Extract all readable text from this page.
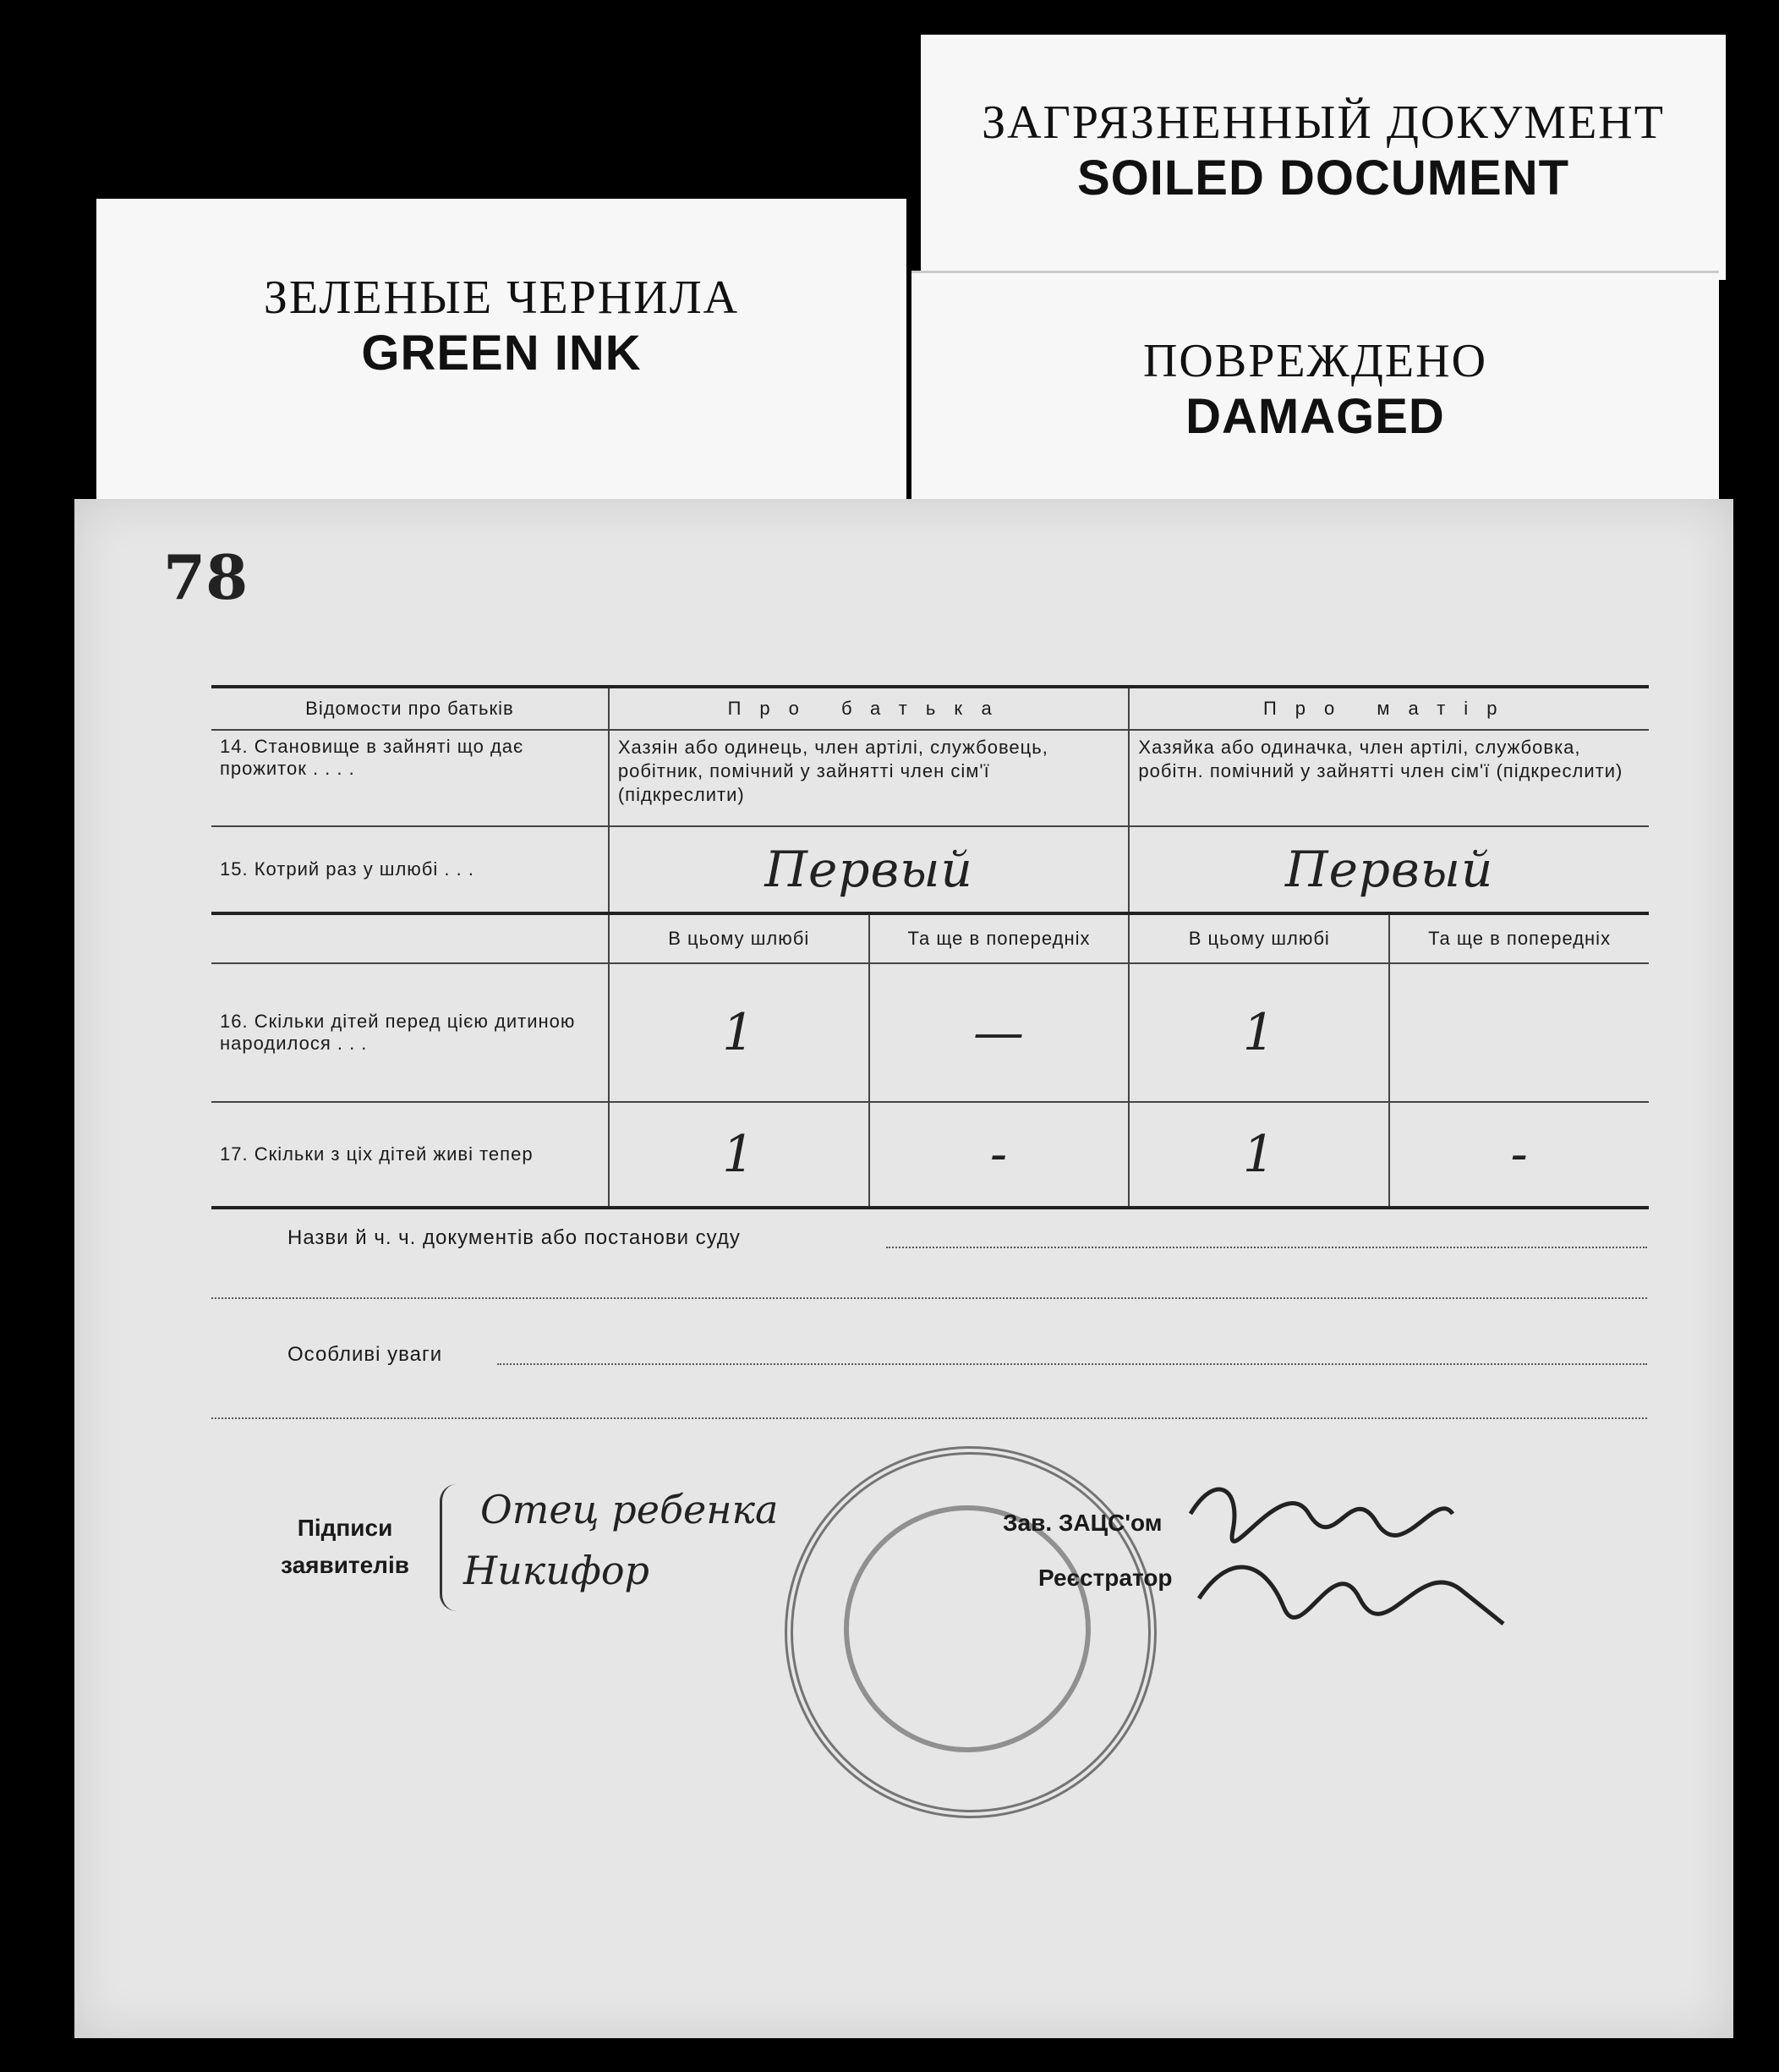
ЗЕЛЕНЫЕ ЧЕРНИЛА
GREEN INK
ЗАГРЯЗНЕННЫЙ ДОКУМЕНТ
SOILED DOCUMENT
ПОВРЕЖДЕНО
DAMAGED
78
Відомости про батьків	Про батька		Про матір	
14. Становище в зайняті що дає прожиток . . . .	Хазяін або одинець, член артілі, службовець, робітник, помічний у зайнятті член сім'ї (підкреслити)		Хазяйка або одиначка, член артілі, службовка, робітн. помічний у зайнятті член сім'ї (підкреслити)	
15. Котрий раз у шлюбі . . .	Первый		Первый	

	В цьому шлюбі	Та ще в попередніх	В цьому шлюбі	Та ще в попередніх
16. Скільки дітей перед цією дитиною народилося . . .	1	—	1	

17. Скільки з ціх дітей живі тепер	1	-	1	-
Назви й ч. ч. документів або постанови суду
Особливі уваги
Підписи
заявителів
Отец ребенка
Никифор
Зав. ЗАЦС'ом
Реєстратор
